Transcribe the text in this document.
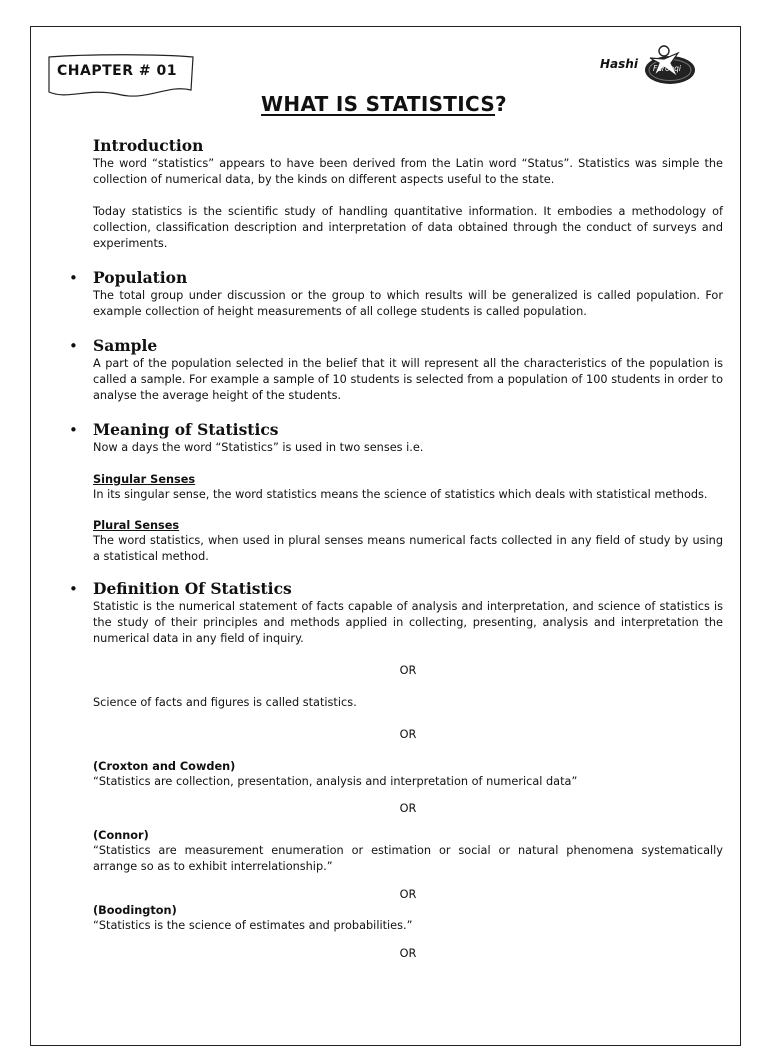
CHAPTER # 01	Hashi Farooqi
WHAT IS STATISTICS?
Introduction

The word “statistics” appears to have been derived from the Latin word “Status”. Statistics was simple the collection of numerical data, by the kinds on different aspects useful to the state.

Today statistics is the scientific study of handling quantitative information. It embodies a methodology of collection, classification description and interpretation of data obtained through the conduct of surveys and experiments.

• Population

The total group under discussion or the group to which results will be generalized is called population. For example collection of height measurements of all college students is called population.

• Sample

A part of the population selected in the belief that it will represent all the characteristics of the population is called a sample. For example a sample of 10 students is selected from a population of 100 students in order to analyse the average height of the students.

• Meaning of Statistics

Now a days the word “Statistics” is used in two senses i.e.

Singular Senses

In its singular sense, the word statistics means the science of statistics which deals with statistical methods.

Plural Senses

The word statistics, when used in plural senses means numerical facts collected in any field of study by using a statistical method.

• Definition Of Statistics

Statistic is the numerical statement of facts capable of analysis and interpretation, and science of statistics is the study of their principles and methods applied in collecting, presenting, analysis and interpretation the numerical data in any field of inquiry.

OR

Science of facts and figures is called statistics.

OR
(Croxton and Cowden)

“Statistics are collection, presentation, analysis and interpretation of numerical data”

OR
(Connor)

“Statistics are measurement enumeration or estimation or social or natural phenomena systematically arrange so as to exhibit interrelationship.”

OR
(Boodington)

“Statistics is the science of estimates and probabilities.”

OR
